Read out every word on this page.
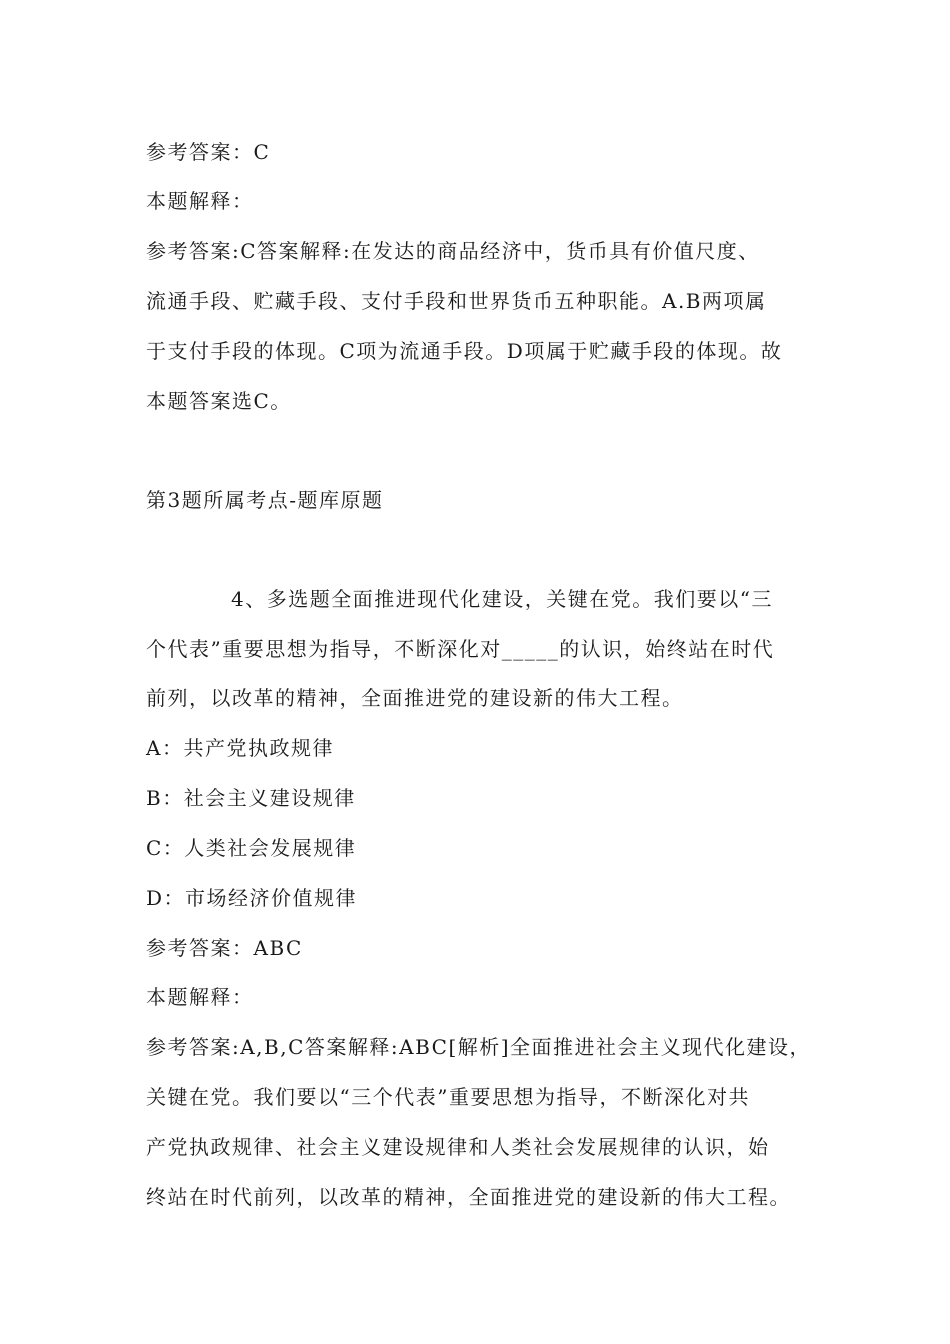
参考答案：C
本题解释：
参考答案:C答案解释:在发达的商品经济中，货币具有价值尺度、
流通手段、贮藏手段、支付手段和世界货币五种职能。A.B两项属
于支付手段的体现。C项为流通手段。D项属于贮藏手段的体现。故
本题答案选C。
第3题所属考点-题库原题
4、多选题全面推进现代化建设，关键在党。我们要以“三
个代表”重要思想为指导，不断深化对_____的认识，始终站在时代
前列，以改革的精神，全面推进党的建设新的伟大工程。
A：共产党执政规律
B：社会主义建设规律
C：人类社会发展规律
D：市场经济价值规律
参考答案：ABC
本题解释：
参考答案:A,B,C答案解释:ABC[解析]全面推进社会主义现代化建设，
关键在党。我们要以“三个代表”重要思想为指导，不断深化对共
产党执政规律、社会主义建设规律和人类社会发展规律的认识，始
终站在时代前列，以改革的精神，全面推进党的建设新的伟大工程。
